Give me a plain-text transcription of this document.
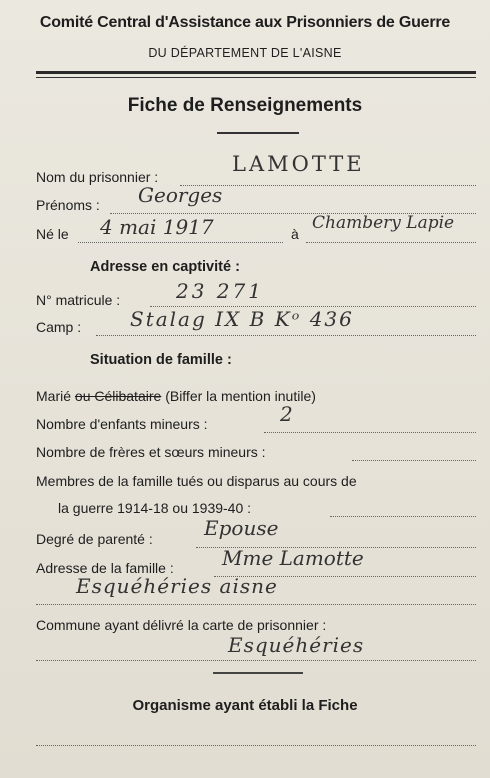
Comité Central d'Assistance aux Prisonniers de Guerre
DU DÉPARTEMENT DE L'AISNE
Fiche de Renseignements
Nom du prisonnier :
LAMOTTE
Prénoms : Georges
Né le 4 mai 1917	à
Chambery Lapie
Adresse en captivité :
N° matricule :	23 271
Camp : Stalag IX B Kᵒ 436
Situation de famille :
Marié ou Célibataire (Biffer la mention inutile)
Nombre d'enfants mineurs :	2
Nombre de frères et sœurs mineurs :
Membres de la famille tués ou disparus au cours de
la guerre 1914-18 ou 1939-40 :
Degré de parenté :	Epouse
Adresse de la famille : Mme Lamotte
Esquéhéries aisne
Commune ayant délivré la carte de prisonnier :
Esquéhéries
Organisme ayant établi la Fiche
